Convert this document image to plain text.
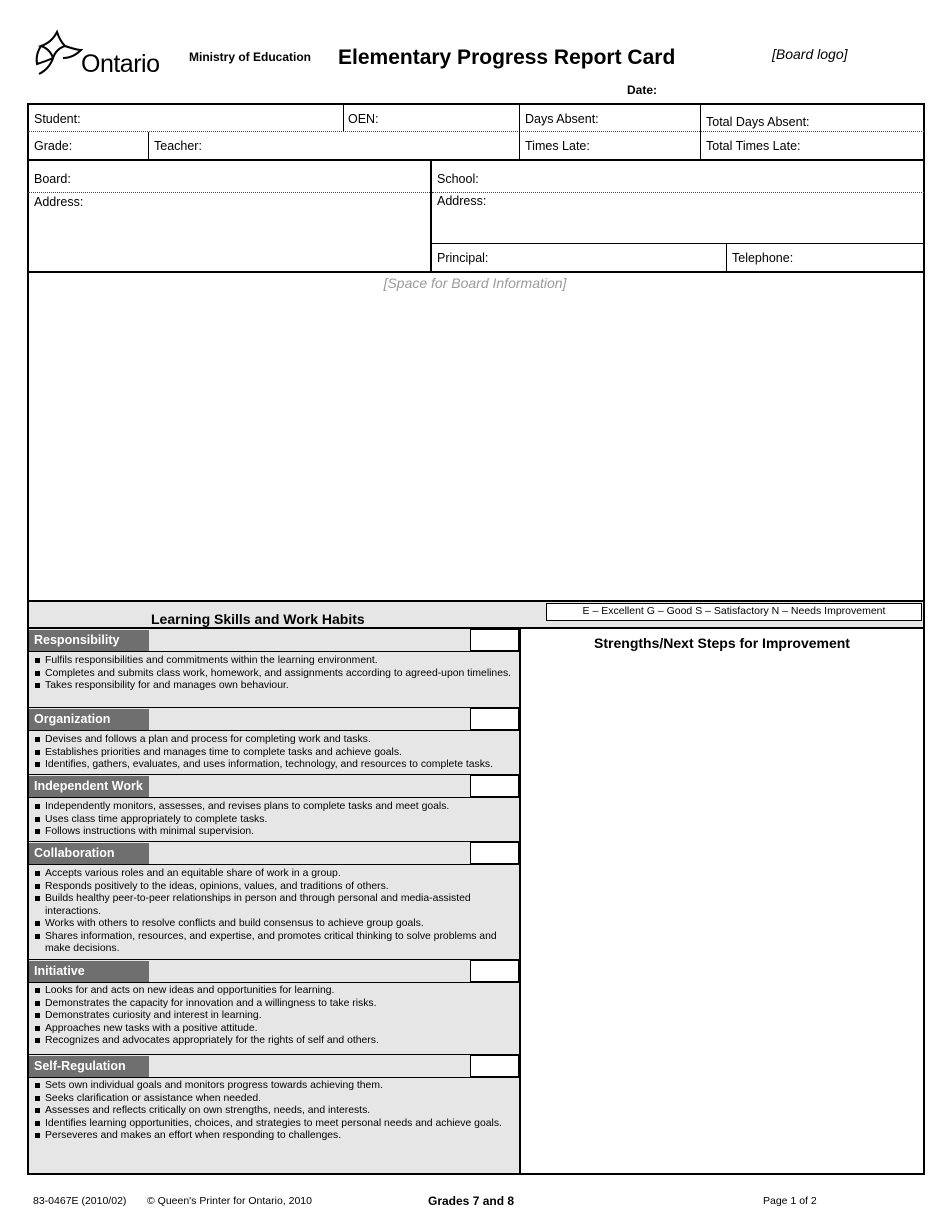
Ontario Ministry of Education Elementary Progress Report Card	[Board logo]
Date:
Student:	OEN:	Days Absent:	Total Days Absent:
Grade:	Teacher:	Times Late:	Total Times Late:
Board:
Address:
School:
Address:
Principal:	Telephone:
[Space for Board Information]
Learning Skills and Work Habits	E – Excellent G – Good S – Satisfactory N – Needs Improvement
Strengths/Next Steps for Improvement
Responsibility
Fulfils responsibilities and commitments within the learning environment.
Completes and submits class work, homework, and assignments according to agreed-upon timelines.
Takes responsibility for and manages own behaviour.
Organization
Devises and follows a plan and process for completing work and tasks.
Establishes priorities and manages time to complete tasks and achieve goals.
Identifies, gathers, evaluates, and uses information, technology, and resources to complete tasks.
Independent Work
Independently monitors, assesses, and revises plans to complete tasks and meet goals.
Uses class time appropriately to complete tasks.
Follows instructions with minimal supervision.
Collaboration
Accepts various roles and an equitable share of work in a group.
Responds positively to the ideas, opinions, values, and traditions of others.
Builds healthy peer-to-peer relationships in person and through personal and media-assisted interactions.
Works with others to resolve conflicts and build consensus to achieve group goals.
Shares information, resources, and expertise, and promotes critical thinking to solve problems and make decisions.
Initiative
Looks for and acts on new ideas and opportunities for learning.
Demonstrates the capacity for innovation and a willingness to take risks.
Demonstrates curiosity and interest in learning.
Approaches new tasks with a positive attitude.
Recognizes and advocates appropriately for the rights of self and others.
Self-Regulation
Sets own individual goals and monitors progress towards achieving them.
Seeks clarification or assistance when needed.
Assesses and reflects critically on own strengths, needs, and interests.
Identifies learning opportunities, choices, and strategies to meet personal needs and achieve goals.
Perseveres and makes an effort when responding to challenges.
83-0467E (2010/02) © Queen's Printer for Ontario, 2010	Grades 7 and 8	Page 1 of 2
